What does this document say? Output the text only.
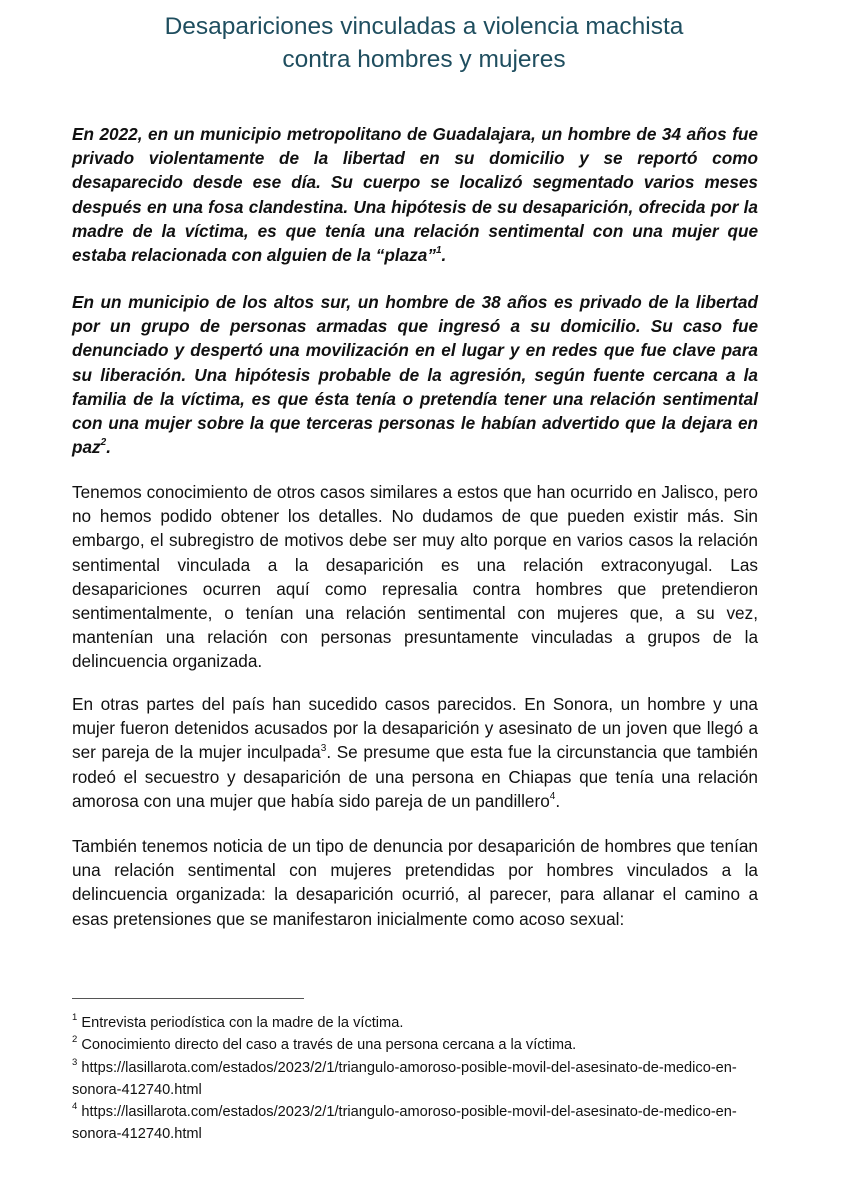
Desapariciones vinculadas a violencia machista
contra hombres y mujeres

En 2022, en un municipio metropolitano de Guadalajara, un hombre de 34 años fue privado violentamente de la libertad en su domicilio y se reportó como desaparecido desde ese día. Su cuerpo se localizó segmentado varios meses después en una fosa clandestina. Una hipótesis de su desaparición, ofrecida por la madre de la víctima, es que tenía una relación sentimental con una mujer que estaba relacionada con alguien de la “plaza”$^1$.

En un municipio de los altos sur, un hombre de 38 años es privado de la libertad por un grupo de personas armadas que ingresó a su domicilio. Su caso fue denunciado y despertó una movilización en el lugar y en redes que fue clave para su liberación. Una hipótesis probable de la agresión, según fuente cercana a la familia de la víctima, es que ésta tenía o pretendía tener una relación sentimental con una mujer sobre la que terceras personas le habían advertido que la dejara en paz$^2$.

Tenemos conocimiento de otros casos similares a estos que han ocurrido en Jalisco, pero no hemos podido obtener los detalles. No dudamos de que pueden existir más. Sin embargo, el subregistro de motivos debe ser muy alto porque en varios casos la relación sentimental vinculada a la desaparición es una relación extraconyugal. Las desapariciones ocurren aquí como represalia contra hombres que pretendieron sentimentalmente, o tenían una relación sentimental con mujeres que, a su vez, mantenían una relación con personas presuntamente vinculadas a grupos de la delincuencia organizada.

En otras partes del país han sucedido casos parecidos. En Sonora, un hombre y una mujer fueron detenidos acusados por la desaparición y asesinato de un joven que llegó a ser pareja de la mujer inculpada$^3$. Se presume que esta fue la circunstancia que también rodeó el secuestro y desaparición de una persona en Chiapas que tenía una relación amorosa con una mujer que había sido pareja de un pandillero$^4$.

También tenemos noticia de un tipo de denuncia por desaparición de hombres que tenían una relación sentimental con mujeres pretendidas por hombres vinculados a la delincuencia organizada: la desaparición ocurrió, al parecer, para allanar el camino a esas pretensiones que se manifestaron inicialmente como acoso sexual:

$^1$ Entrevista periodística con la madre de la víctima.

$^2$ Conocimiento directo del caso a través de una persona cercana a la víctima.

$^3$ https://lasillarota.com/estados/2023/2/1/triangulo-amoroso-posible-movil-del-asesinato-de-medico-en-sonora-412740.html

$^4$ https://lasillarota.com/estados/2023/2/1/triangulo-amoroso-posible-movil-del-asesinato-de-medico-en-sonora-412740.html
